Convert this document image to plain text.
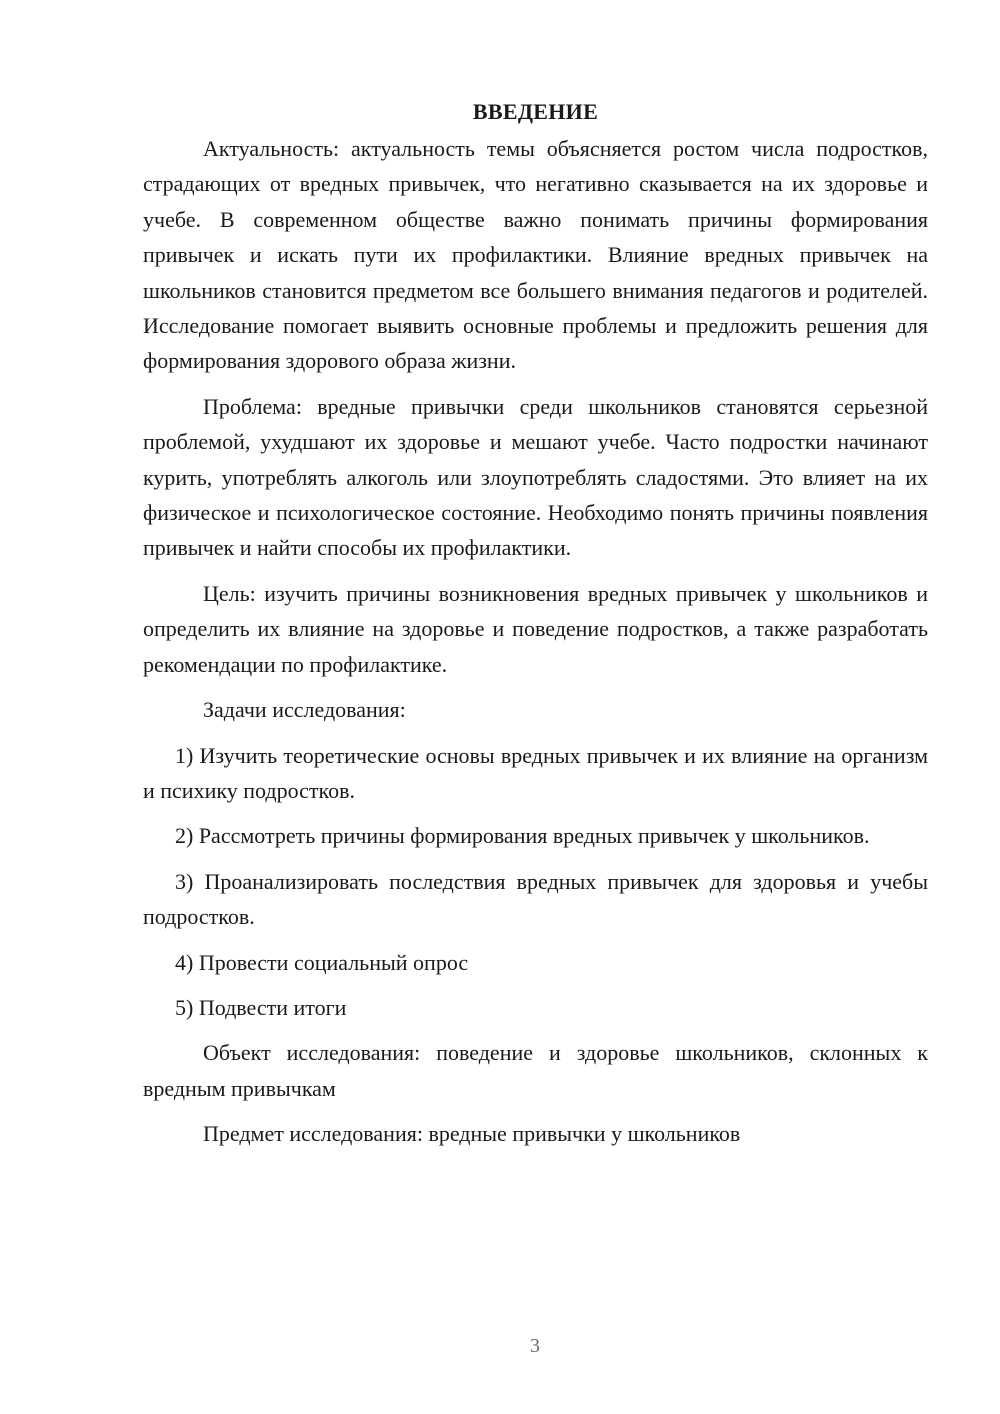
ВВЕДЕНИЕ

Актуальность: актуальность темы объясняется ростом числа подростков, страдающих от вредных привычек, что негативно сказывается на их здоровье и учебе. В современном обществе важно понимать причины формирования привычек и искать пути их профилактики. Влияние вредных привычек на школьников становится предметом все большего внимания педагогов и родителей. Исследование помогает выявить основные проблемы и предложить решения для формирования здорового образа жизни.

Проблема: вредные привычки среди школьников становятся серьезной проблемой, ухудшают их здоровье и мешают учебе. Часто подростки начинают курить, употреблять алкоголь или злоупотреблять сладостями. Это влияет на их физическое и психологическое состояние. Необходимо понять причины появления привычек и найти способы их профилактики.

Цель: изучить причины возникновения вредных привычек у школьников и определить их влияние на здоровье и поведение подростков, а также разработать рекомендации по профилактике.

Задачи исследования:

1) Изучить теоретические основы вредных привычек и их влияние на организм и психику подростков.

2) Рассмотреть причины формирования вредных привычек у школьников.

3) Проанализировать последствия вредных привычек для здоровья и учебы подростков.

4) Провести социальный опрос

5) Подвести итоги

Объект исследования: поведение и здоровье школьников, склонных к вредным привычкам

Предмет исследования: вредные привычки у школьников

3
